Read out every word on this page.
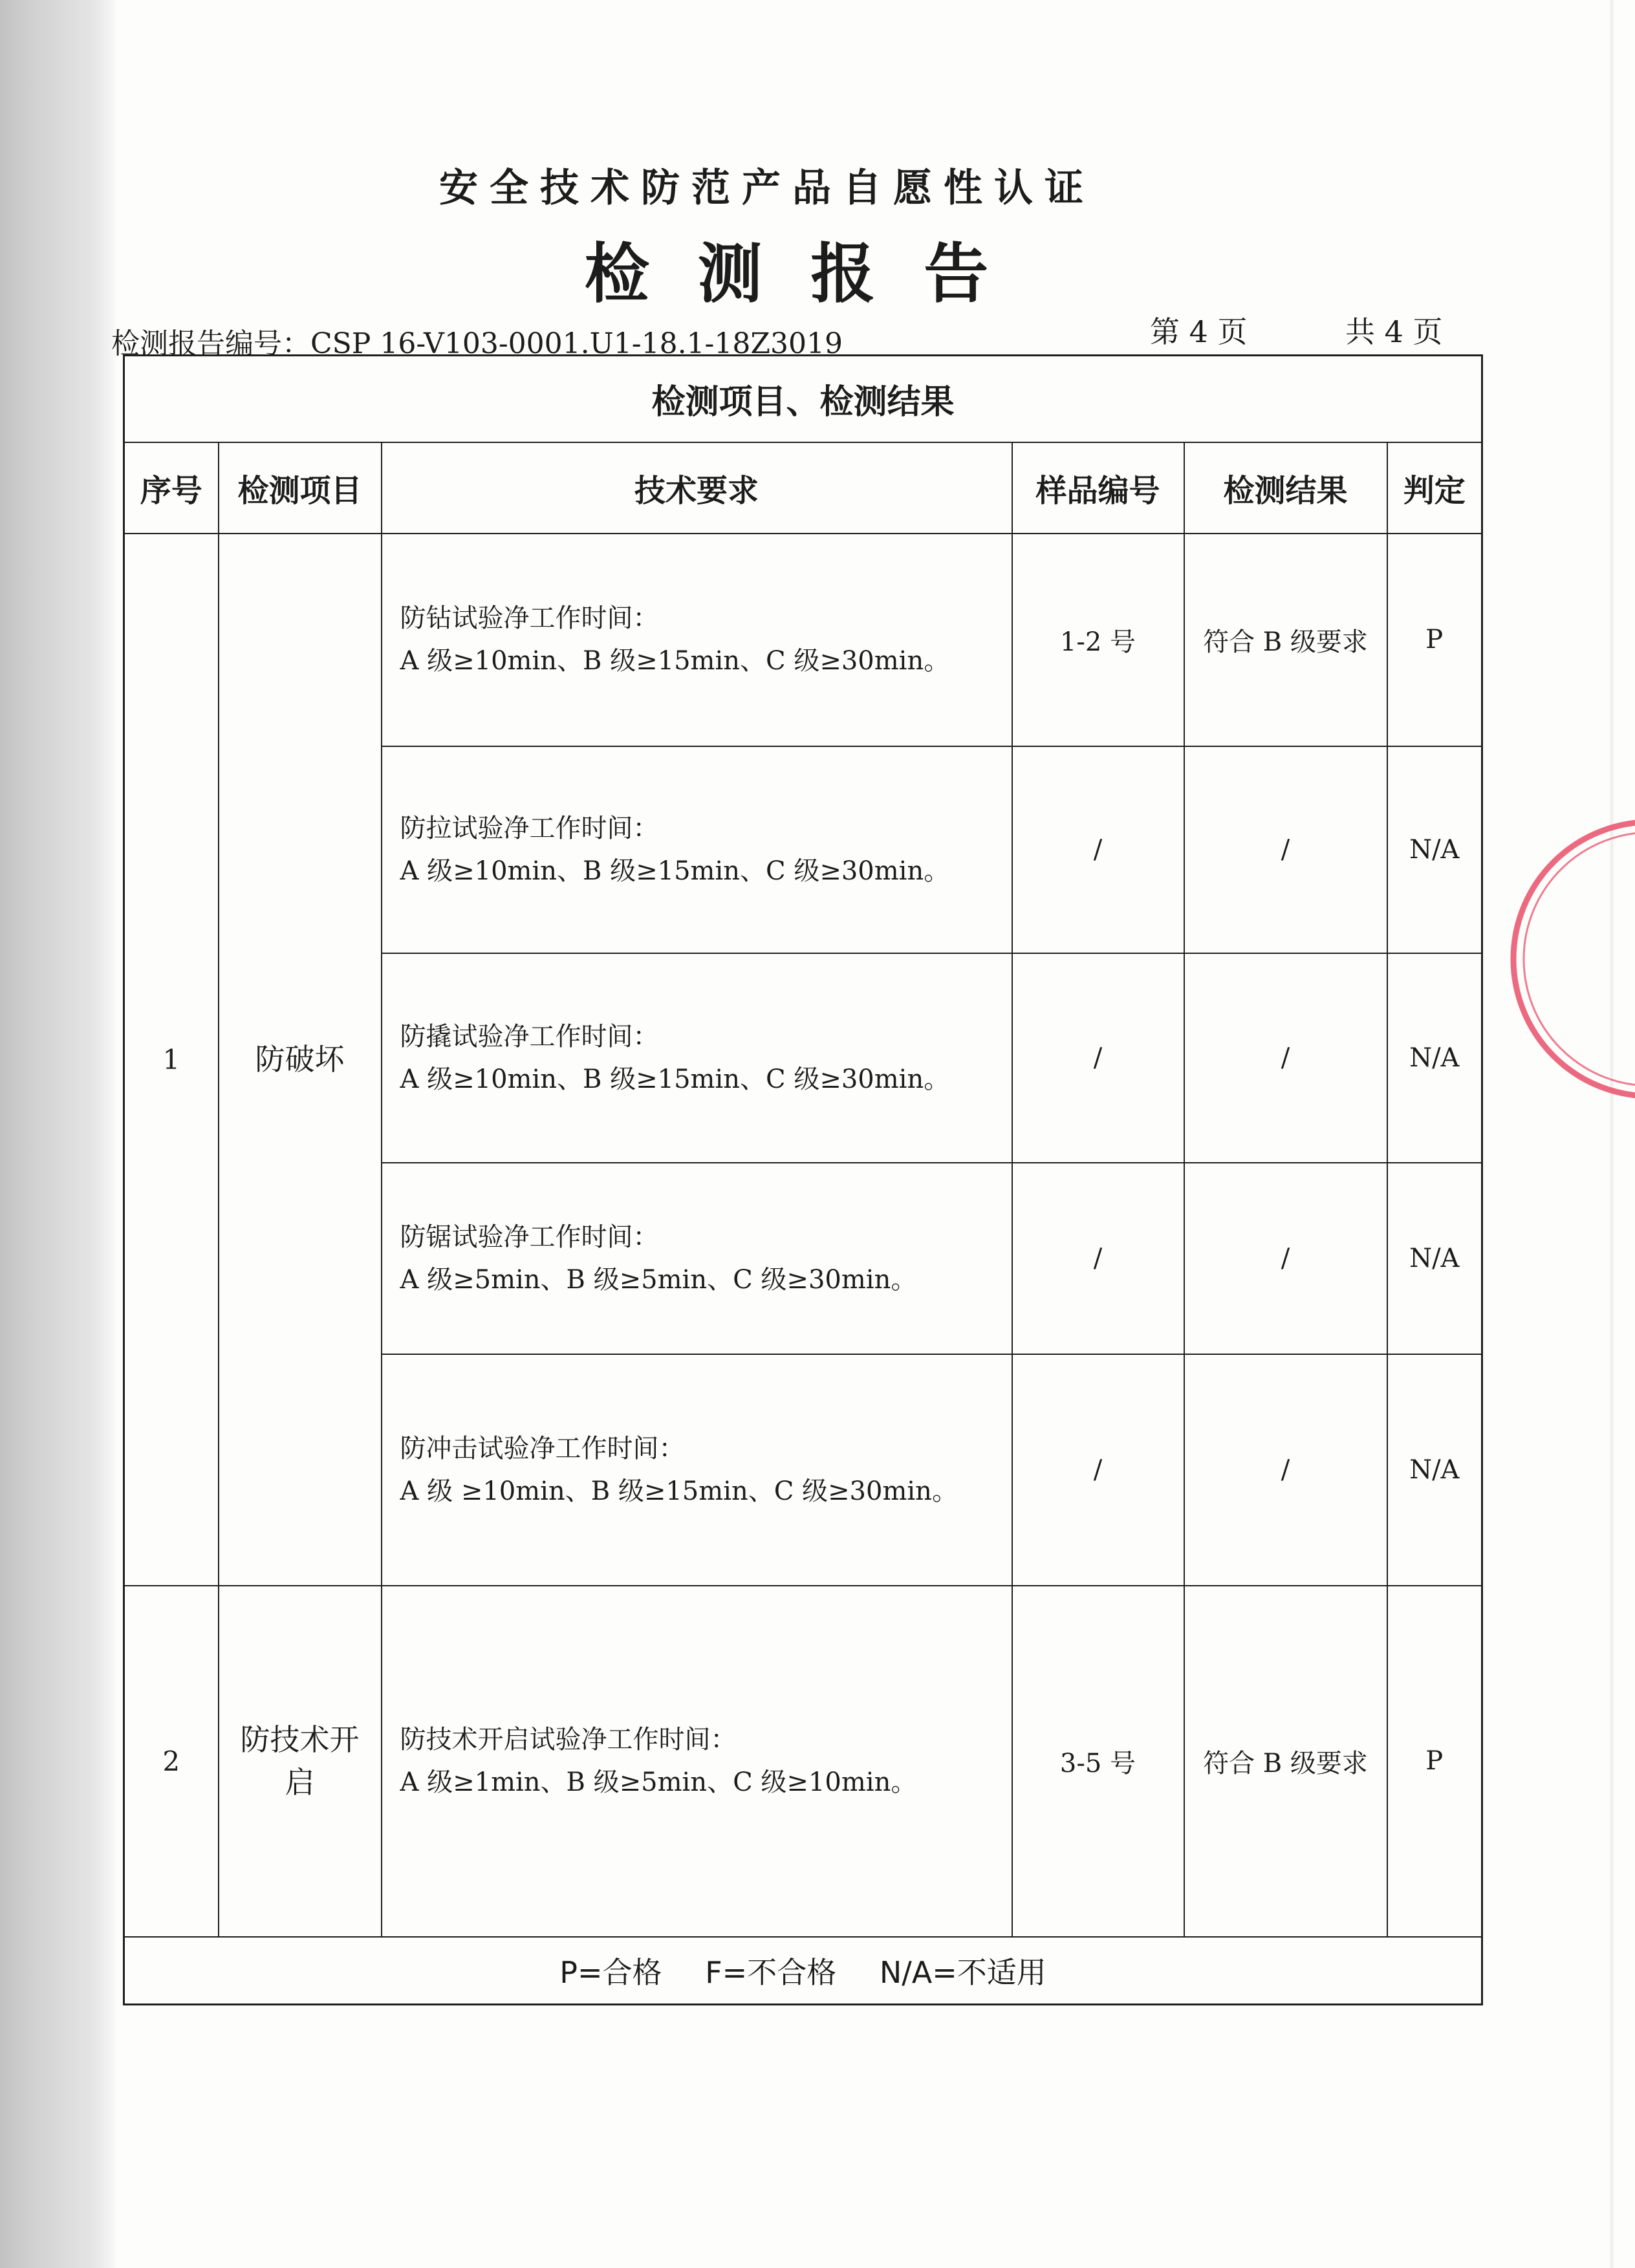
安全技术防范产品自愿性认证
检 测 报 告
检测报告编号：CSP 16-V103-0001.U1-18.1-18Z3019	第 4 页	共 4 页
检测项目、检测结果					
序号	检测项目	技术要求	样品编号	检测结果	判定
1	防破坏	防钻试验净工作时间：
A 级≥10min、B 级≥15min、C 级≥30min。	1-2 号	符合 B 级要求	P

		防拉试验净工作时间：
A 级≥10min、B 级≥15min、C 级≥30min。	/	/	N/A

		防撬试验净工作时间：
A 级≥10min、B 级≥15min、C 级≥30min。	/	/	N/A

		防锯试验净工作时间：
A 级≥5min、B 级≥5min、C 级≥30min。	/	/	N/A

		防冲击试验净工作时间：
A 级 ≥10min、B 级≥15min、C 级≥30min。	/	/	N/A
2	防技术开启	防技术开启试验净工作时间：
A 级≥1min、B 级≥5min、C 级≥10min。	3-5 号	符合 B 级要求	P
P=合格 F=不合格 N/A=不适用					
